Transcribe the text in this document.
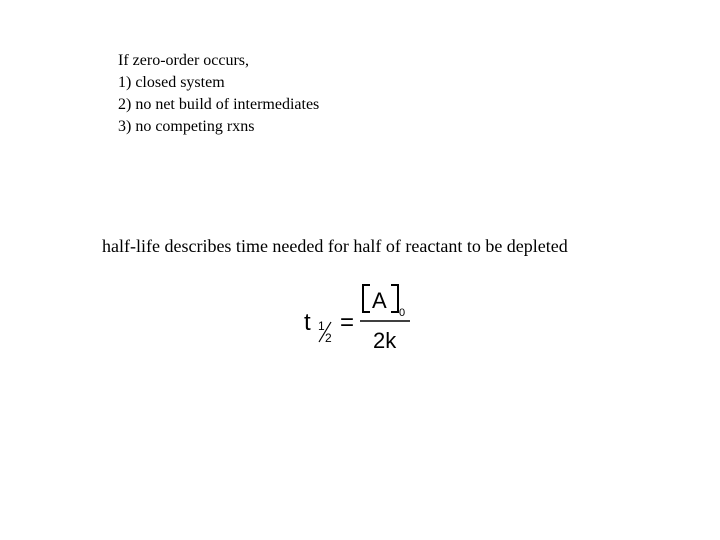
If zero-order occurs,
1) closed system
2) no net build of intermediates
3) no competing rxns
half-life describes time needed for half of reactant to be depleted
t 1
2
=
A 0
2k
